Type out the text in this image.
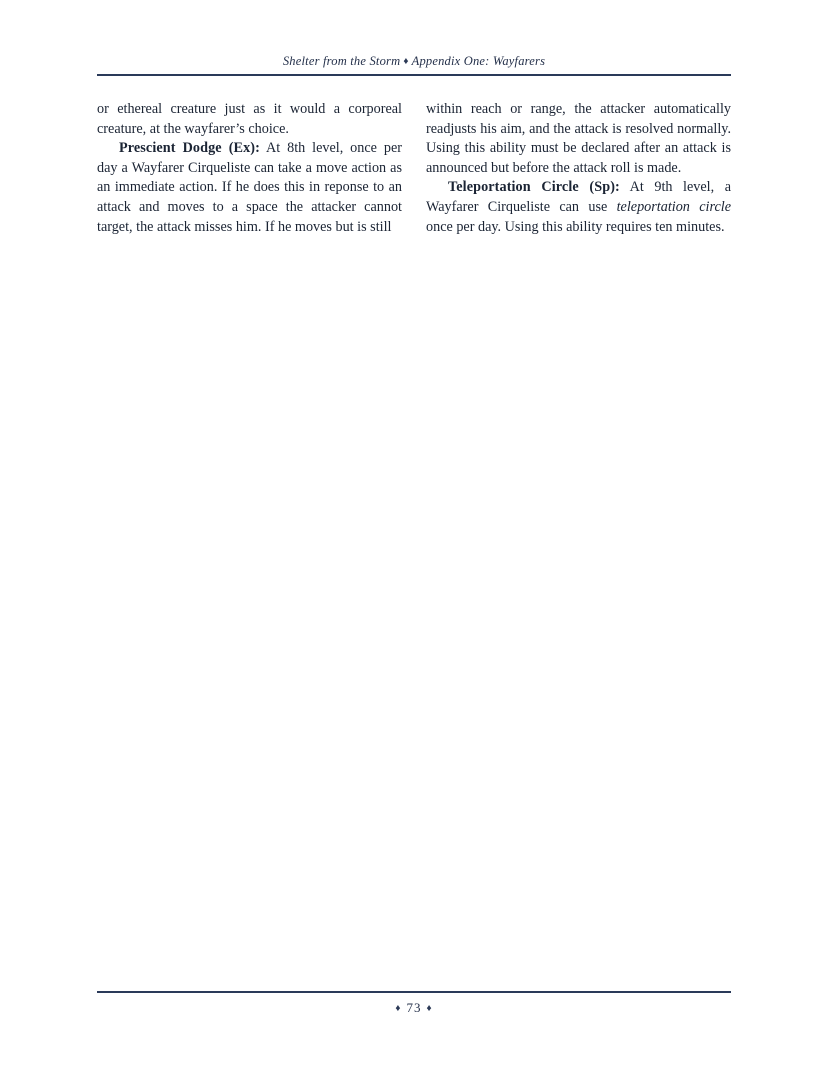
Shelter from the Storm ♦ Appendix One: Wayfarers

or ethereal creature just as it would a corporeal creature, at the wayfarer’s choice.

Prescient Dodge (Ex): At 8th level, once per day a Wayfarer Cirqueliste can take a move action as an immediate action. If he does this in reponse to an attack and moves to a space the attacker cannot target, the attack misses him. If he moves but is still

within reach or range, the attacker automatically readjusts his aim, and the attack is resolved normally. Using this ability must be declared after an attack is announced but before the attack roll is made.

Teleportation Circle (Sp): At 9th level, a Wayfarer Cirqueliste can use teleportation circle once per day. Using this ability requires ten minutes.

♦ 73 ♦
